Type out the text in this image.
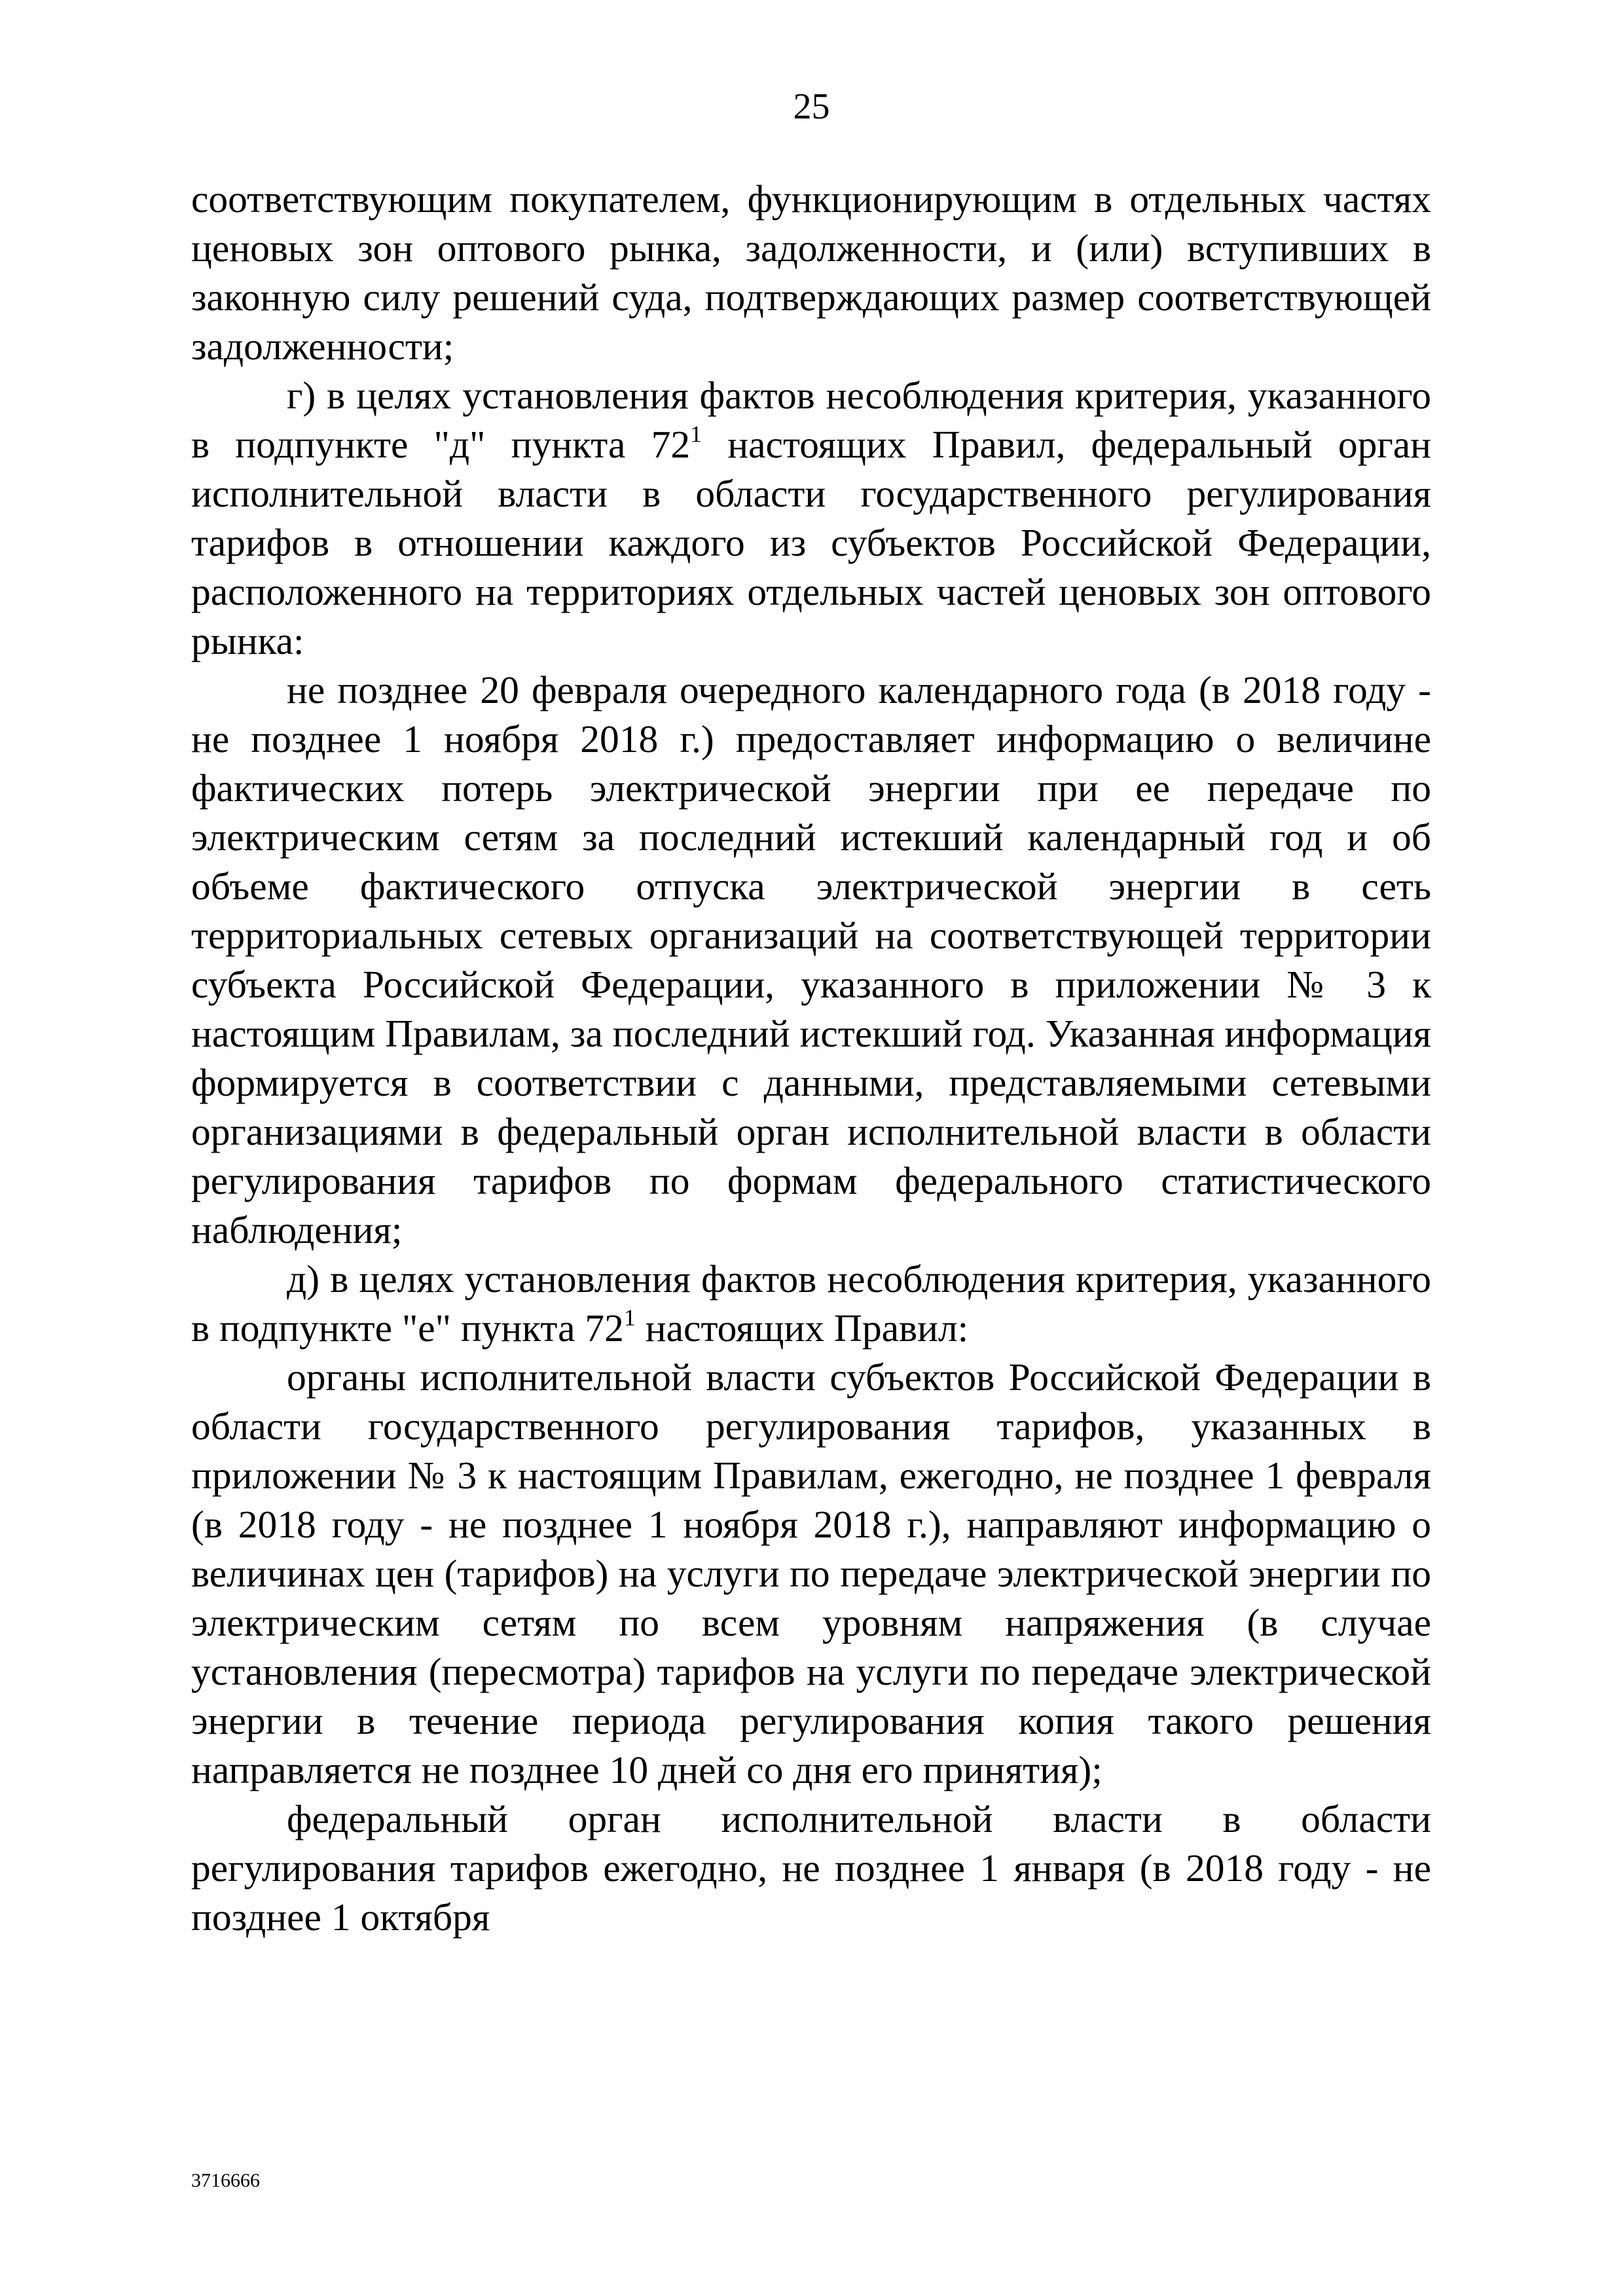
25

соответствующим покупателем, функционирующим в отдельных частях ценовых зон оптового рынка, задолженности, и (или) вступивших в законную силу решений суда, подтверждающих размер соответствующей задолженности;

г) в целях установления фактов несоблюдения критерия, указанного в подпункте "д" пункта $72^1$ настоящих Правил, федеральный орган исполнительной власти в области государственного регулирования тарифов в отношении каждого из субъектов Российской Федерации, расположенного на территориях отдельных частей ценовых зон оптового рынка:

не позднее 20 февраля очередного календарного года (в 2018 году - не позднее 1 ноября 2018 г.) предоставляет информацию о величине фактических потерь электрической энергии при ее передаче по электрическим сетям за последний истекший календарный год и об объеме фактического отпуска электрической энергии в сеть территориальных сетевых организаций на соответствующей территории субъекта Российской Федерации, указанного в приложении № 3 к настоящим Правилам, за последний истекший год. Указанная информация формируется в соответствии с данными, представляемыми сетевыми организациями в федеральный орган исполнительной власти в области регулирования тарифов по формам федерального статистического наблюдения;

д) в целях установления фактов несоблюдения критерия, указанного в подпункте "е" пункта $72^1$ настоящих Правил:

органы исполнительной власти субъектов Российской Федерации в области государственного регулирования тарифов, указанных в приложении № 3 к настоящим Правилам, ежегодно, не позднее 1 февраля (в 2018 году - не позднее 1 ноября 2018 г.), направляют информацию о величинах цен (тарифов) на услуги по передаче электрической энергии по электрическим сетям по всем уровням напряжения (в случае установления (пересмотра) тарифов на услуги по передаче электрической энергии в течение периода регулирования копия такого решения направляется не позднее 10 дней со дня его принятия);

федеральный орган исполнительной власти в области регулирования тарифов ежегодно, не позднее 1 января (в 2018 году - не позднее 1 октября

3716666
